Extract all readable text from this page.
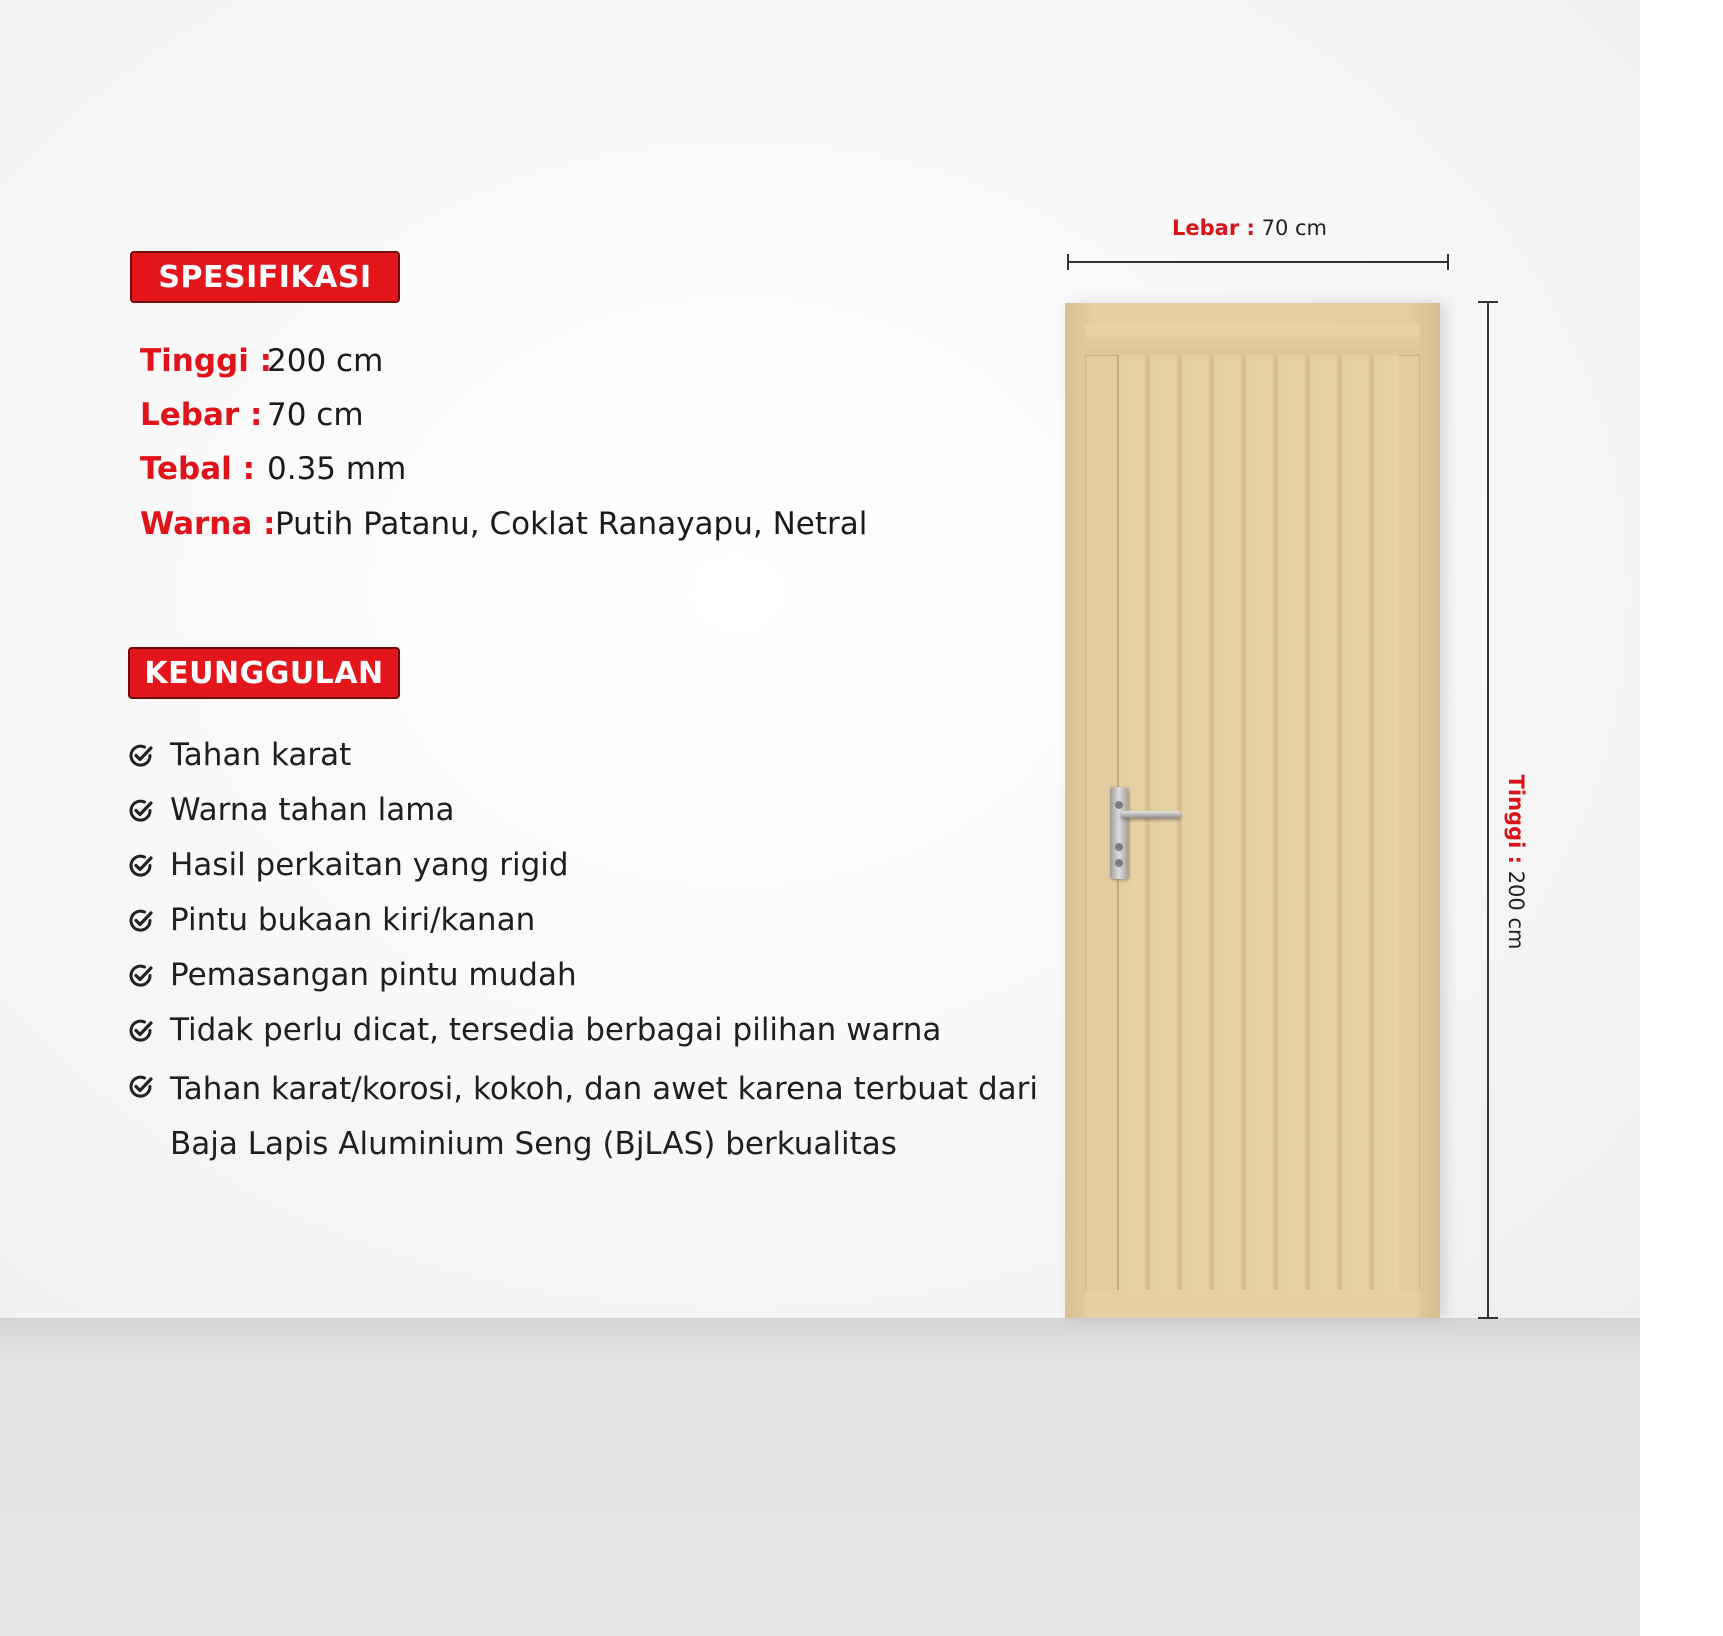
SPESIFIKASI
Tinggi :
200 cm
Lebar : 70 cm
Tebal : 0.35 mm
Warna : Putih Patanu, Coklat Ranayapu, Netral
KEUNGGULAN
Tahan karat
Warna tahan lama
Hasil perkaitan yang rigid
Pintu bukaan kiri/kanan
Pemasangan pintu mudah
Tidak perlu dicat, tersedia berbagai pilihan warna
Tahan karat/korosi, kokoh, dan awet karena terbuat dari Baja Lapis Aluminium Seng (BjLAS) berkualitas
Lebar : 70 cm
Tinggi : 200 cm
